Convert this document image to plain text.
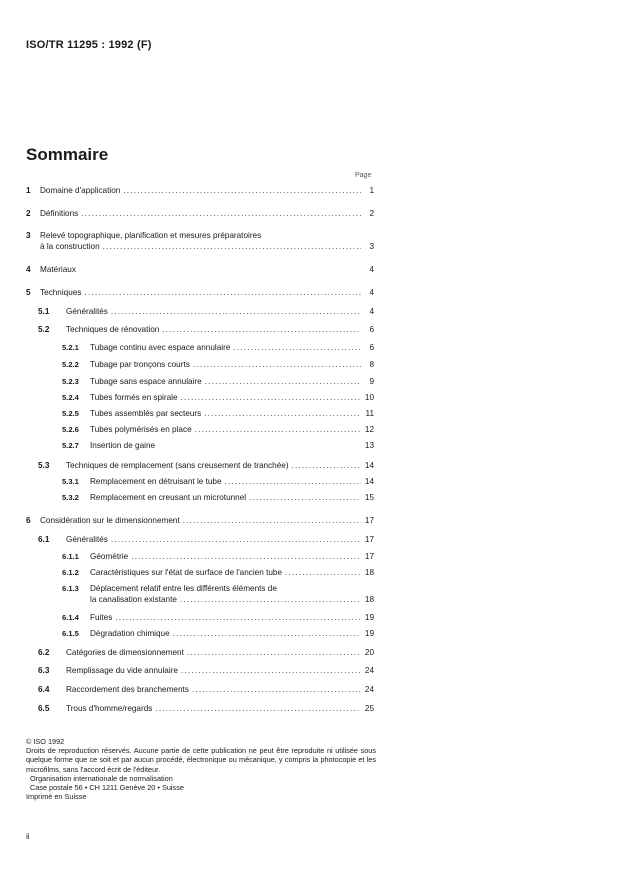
ISO/TR 11295 : 1992 (F)
Sommaire
Page
1 Domaine d'application .....	1
2 Définitions .....	2
3 Relevé topographique, planification et mesures préparatoires
à la construction .....	3
4 Matériaux	4
5 Techniques .....	4
5.1 Généralités .....	4
5.2 Techniques de rénovation .....	6
5.2.1 Tubage continu avec espace annulaire .....	6
5.2.2 Tubage par tronçons courts .....	8
5.2.3 Tubage sans espace annulaire .....	9
5.2.4 Tubes formés en spirale .....	10
5.2.5 Tubes assemblés par secteurs .....	11
5.2.6 Tubes polymérisés en place .....	12
5.2.7 Insertion de gaine	13
5.3 Techniques de remplacement (sans creusement de tranchée) .....	14
5.3.1 Remplacement en détruisant le tube .....	14
5.3.2 Remplacement en creusant un microtunnel .....	15
6 Considération sur le dimensionnement .....	17
6.1 Généralités .....	17
6.1.1 Géométrie .....	17
6.1.2 Caractéristiques sur l'état de surface de l'ancien tube .....	18
6.1.3 Déplacement relatif entre les différents éléments de
la canalisation existante .....	18
6.1.4 Fuites .....	19
6.1.5 Dégradation chimique .....	19
6.2 Catégories de dimensionnement .....	20
6.3 Remplissage du vide annulaire .....	24
6.4 Raccordement des branchements .....	24
6.5 Trous d'homme/regards .....	25

© ISO 1992

Droits de reproduction réservés. Aucune partie de cette publication ne peut être reproduite ni utilisée sous quelque forme que ce soit et par aucun procédé, électronique ou mécanique, y compris la photocopie et les microfilms, sans l'accord écrit de l'éditeur.

Organisation internationale de normalisation

Case postale 56 • CH 1211 Genève 20 • Suisse

Imprimé en Suisse

ii
